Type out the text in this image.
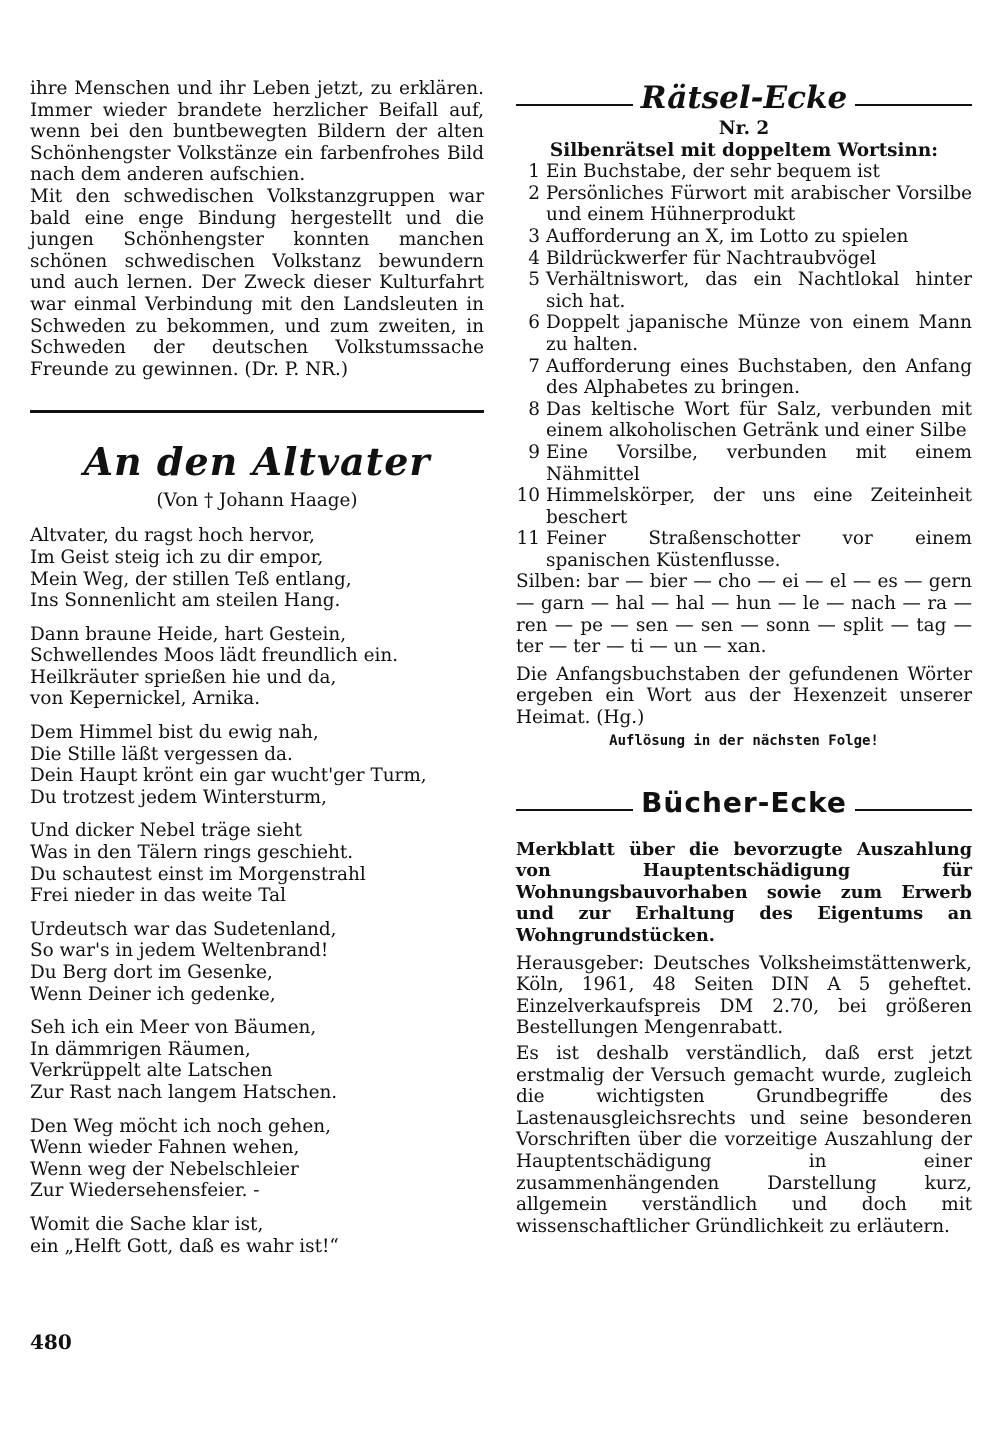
ihre Menschen und ihr Leben jetzt, zu erklären. Immer wieder brandete herzlicher Beifall auf, wenn bei den buntbewegten Bildern der alten Schönhengster Volkstänze ein farbenfrohes Bild nach dem anderen aufschien.

Mit den schwedischen Volkstanzgruppen war bald eine enge Bindung hergestellt und die jungen Schönhengster konnten manchen schönen schwedischen Volkstanz bewundern und auch lernen. Der Zweck dieser Kulturfahrt war einmal Verbindung mit den Landsleuten in Schweden zu bekommen, und zum zweiten, in Schweden der deutschen Volkstumssache Freunde zu gewinnen. (Dr. P. NR.)

An den Altvater

(Von † Johann Haage)

Altvater, du ragst hoch hervor,
Im Geist steig ich zu dir empor,
Mein Weg, der stillen Teß entlang,
Ins Sonnenlicht am steilen Hang.

Dann braune Heide, hart Gestein,
Schwellendes Moos lädt freundlich ein.
Heilkräuter sprießen hie und da,
von Kepernickel, Arnika.

Dem Himmel bist du ewig nah,
Die Stille läßt vergessen da.
Dein Haupt krönt ein gar wucht'ger Turm,
Du trotzest jedem Wintersturm,

Und dicker Nebel träge sieht
Was in den Tälern rings geschieht.
Du schautest einst im Morgenstrahl
Frei nieder in das weite Tal

Urdeutsch war das Sudetenland,
So war's in jedem Weltenbrand!
Du Berg dort im Gesenke,
Wenn Deiner ich gedenke,

Seh ich ein Meer von Bäumen,
In dämmrigen Räumen,
Verkrüppelt alte Latschen
Zur Rast nach langem Hatschen.

Den Weg möcht ich noch gehen,
Wenn wieder Fahnen wehen,
Wenn weg der Nebelschleier
Zur Wiedersehensfeier. -

Womit die Sache klar ist,
ein „Helft Gott, daß es wahr ist!“

480
Rätsel-Ecke

Nr. 2

Silbenrätsel mit doppeltem Wortsinn:

1 Ein Buchstabe, der sehr bequem ist
2 Persönliches Fürwort mit arabischer Vorsilbe und einem Hühnerprodukt
3 Aufforderung an X, im Lotto zu spielen
4 Bildrückwerfer für Nachtraubvögel
5 Verhältniswort, das ein Nachtlokal hinter sich hat.
6 Doppelt japanische Münze von einem Mann zu halten.
7 Aufforderung eines Buchstaben, den Anfang des Alphabetes zu bringen.
8 Das keltische Wort für Salz, verbunden mit einem alkoholischen Getränk und einer Silbe
9 Eine Vorsilbe, verbunden mit einem Nähmittel
10 Himmelskörper, der uns eine Zeiteinheit beschert
11 Feiner Straßenschotter vor einem spanischen Küstenflusse.

Silben: bar — bier — cho — ei — el — es — gern — garn — hal — hal — hun — le — nach — ra — ren — pe — sen — sen — sonn — split — tag — ter — ter — ti — un — xan.

Die Anfangsbuchstaben der gefundenen Wörter ergeben ein Wort aus der Hexenzeit unserer Heimat. (Hg.)

Auflösung in der nächsten Folge!

Bücher-Ecke

Merkblatt über die bevorzugte Auszahlung von Hauptentschädigung für Wohnungsbauvorhaben sowie zum Erwerb und zur Erhaltung des Eigentums an Wohngrundstücken.

Herausgeber: Deutsches Volksheimstättenwerk, Köln, 1961, 48 Seiten DIN A 5 geheftet. Einzelverkaufspreis DM 2.70, bei größeren Bestellungen Mengenrabatt.

Es ist deshalb verständlich, daß erst jetzt erstmalig der Versuch gemacht wurde, zugleich die wichtigsten Grundbegriffe des Lastenausgleichsrechts und seine besonderen Vorschriften über die vorzeitige Auszahlung der Hauptentschädigung in einer zusammenhängenden Darstellung kurz, allgemein verständlich und doch mit wissenschaftlicher Gründlichkeit zu erläutern.
